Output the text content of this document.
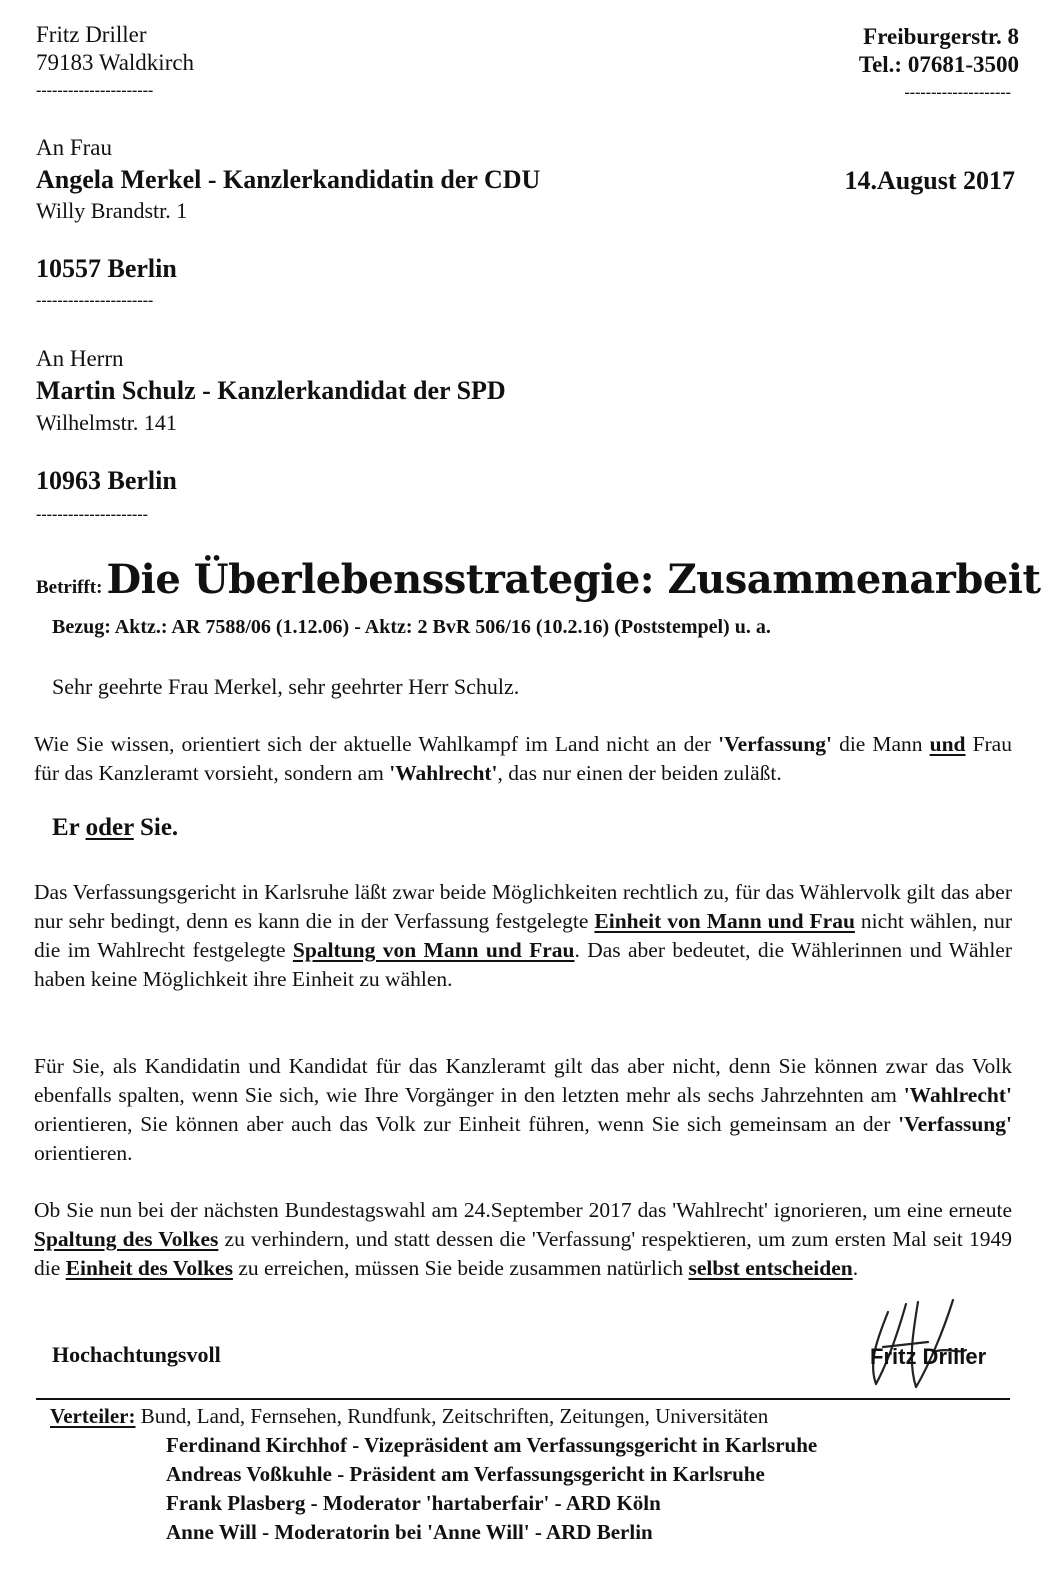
Fritz Driller
79183 Waldkirch
----------------------
Freiburgerstr. 8
Tel.: 07681-3500
--------------------
An Frau
Angela Merkel - Kanzlerkandidatin der CDU
Willy Brandstr. 1
10557 Berlin
----------------------
14.August 2017
An Herrn
Martin Schulz - Kanzlerkandidat der SPD
Wilhelmstr. 141
10963 Berlin
---------------------
Betrifft: Die Überlebensstrategie: Zusammenarbeit
Bezug: Aktz.: AR 7588/06 (1.12.06) - Aktz: 2 BvR 506/16 (10.2.16) (Poststempel) u. a.
Sehr geehrte Frau Merkel, sehr geehrter Herr Schulz.
Wie Sie wissen, orientiert sich der aktuelle Wahlkampf im Land nicht an der 'Verfassung' die Mann und Frau für das Kanzleramt vorsieht, sondern am 'Wahlrecht', das nur einen der beiden zuläßt.
Er oder Sie.
Das Verfassungsgericht in Karlsruhe läßt zwar beide Möglichkeiten rechtlich zu, für das Wählervolk gilt das aber nur sehr bedingt, denn es kann die in der Verfassung festgelegte Einheit von Mann und Frau nicht wählen, nur die im Wahlrecht festgelegte Spaltung von Mann und Frau. Das aber bedeutet, die Wählerinnen und Wähler haben keine Möglichkeit ihre Einheit zu wählen.
Für Sie, als Kandidatin und Kandidat für das Kanzleramt gilt das aber nicht, denn Sie können zwar das Volk ebenfalls spalten, wenn Sie sich, wie Ihre Vorgänger in den letzten mehr als sechs Jahrzehnten am 'Wahlrecht' orientieren, Sie können aber auch das Volk zur Einheit führen, wenn Sie sich gemeinsam an der 'Verfassung' orientieren.
Ob Sie nun bei der nächsten Bundestagswahl am 24.September 2017 das 'Wahlrecht' ignorieren, um eine erneute Spaltung des Volkes zu verhindern, und statt dessen die 'Verfassung' respektieren, um zum ersten Mal seit 1949 die Einheit des Volkes zu erreichen, müssen Sie beide zusammen natürlich selbst entscheiden.
Hochachtungsvoll	Fritz Driller
Verteiler: Bund, Land, Fernsehen, Rundfunk, Zeitschriften, Zeitungen, Universitäten
Ferdinand Kirchhof - Vizepräsident am Verfassungsgericht in Karlsruhe
Andreas Voßkuhle - Präsident am Verfassungsgericht in Karlsruhe
Frank Plasberg - Moderator 'hartaberfair' - ARD Köln
Anne Will - Moderatorin bei 'Anne Will' - ARD Berlin
